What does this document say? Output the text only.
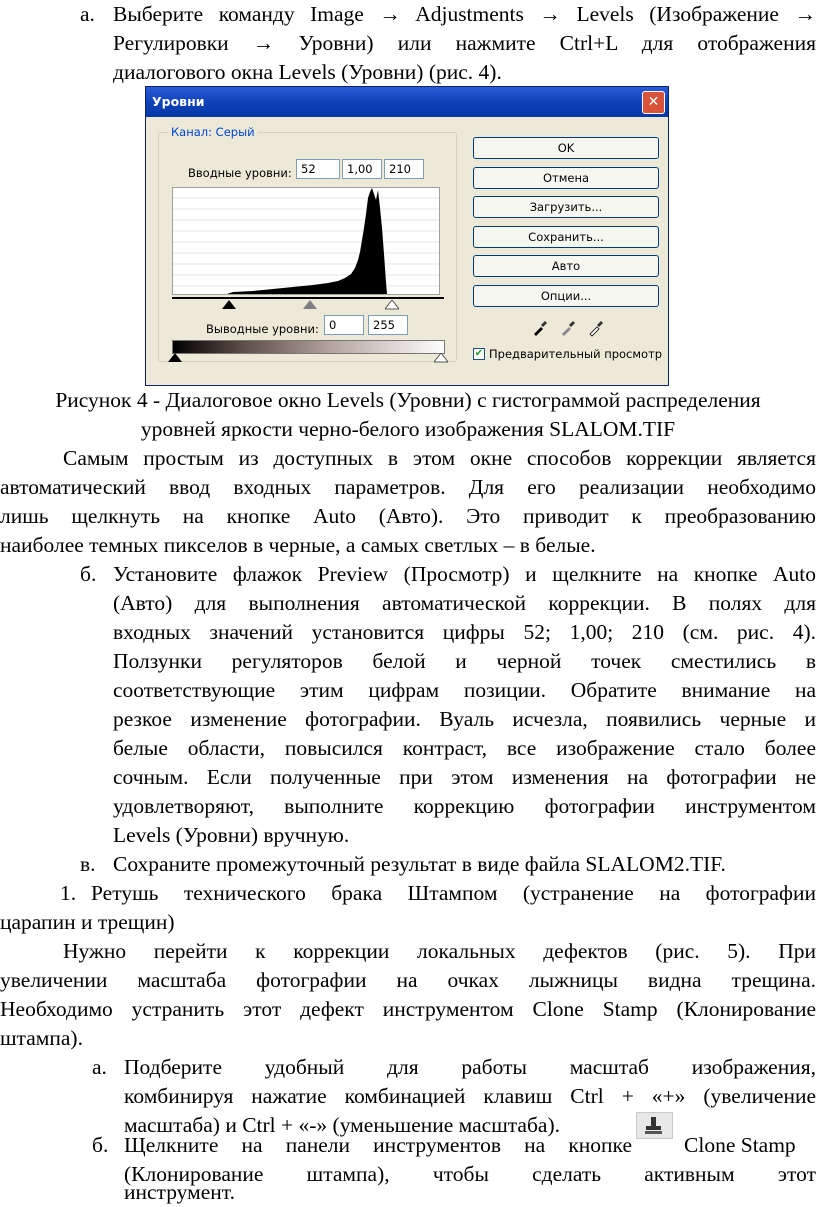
а. Выберите команду Image → Adjustments → Levels (Изображение →
Регулировки → Уровни) или нажмите Ctrl+L для отображения
диалогового окна Levels (Уровни) (рис. 4).
Уровни	✕
Канал: Серый
Вводные уровни: 52	1,00	210
Выводные уровни: 0	255
OK
Отмена
Загрузить...
Сохранить...
Авто
Опции...
✔ Предварительный просмотр
Рисунок 4 - Диалоговое окно Levels (Уровни) с гистограммой распределения
уровней яркости черно-белого изображения SLALOM.TIF
Самым простым из доступных в этом окне способов коррекции является
автоматический ввод входных параметров. Для его реализации необходимо
лишь щелкнуть на кнопке Auto (Авто). Это приводит к преобразованию
наиболее темных пикселов в черные, а самых светлых – в белые.
б. Установите флажок Preview (Просмотр) и щелкните на кнопке Auto
(Авто) для выполнения автоматической коррекции. В полях для
входных значений установится цифры 52; 1,00; 210 (см. рис. 4).
Ползунки регуляторов белой и черной точек сместились в
соответствующие этим цифрам позиции. Обратите внимание на
резкое изменение фотографии. Вуаль исчезла, появились черные и
белые области, повысился контраст, все изображение стало более
сочным. Если полученные при этом изменения на фотографии не
удовлетворяют, выполните коррекцию фотографии инструментом
Levels (Уровни) вручную.
в. Сохраните промежуточный результат в виде файла SLALOM2.TIF.
1. Ретушь технического брака Штампом (устранение на фотографии
царапин и трещин)
Нужно перейти к коррекции локальных дефектов (рис. 5). При
увеличении масштаба фотографии на очках лыжницы видна трещина.
Необходимо устранить этот дефект инструментом Clone Stamp (Клонирование
штампа).
а. Подберите удобный для работы масштаб изображения,
комбинируя нажатие комбинацией клавиш Ctrl + «+» (увеличение
масштаба) и Ctrl + «-» (уменьшение масштаба).
б. Щелкните на панели инструментов на кнопке Clone Stamp
(Клонирование штампа), чтобы сделать активным этот
инструмент.
